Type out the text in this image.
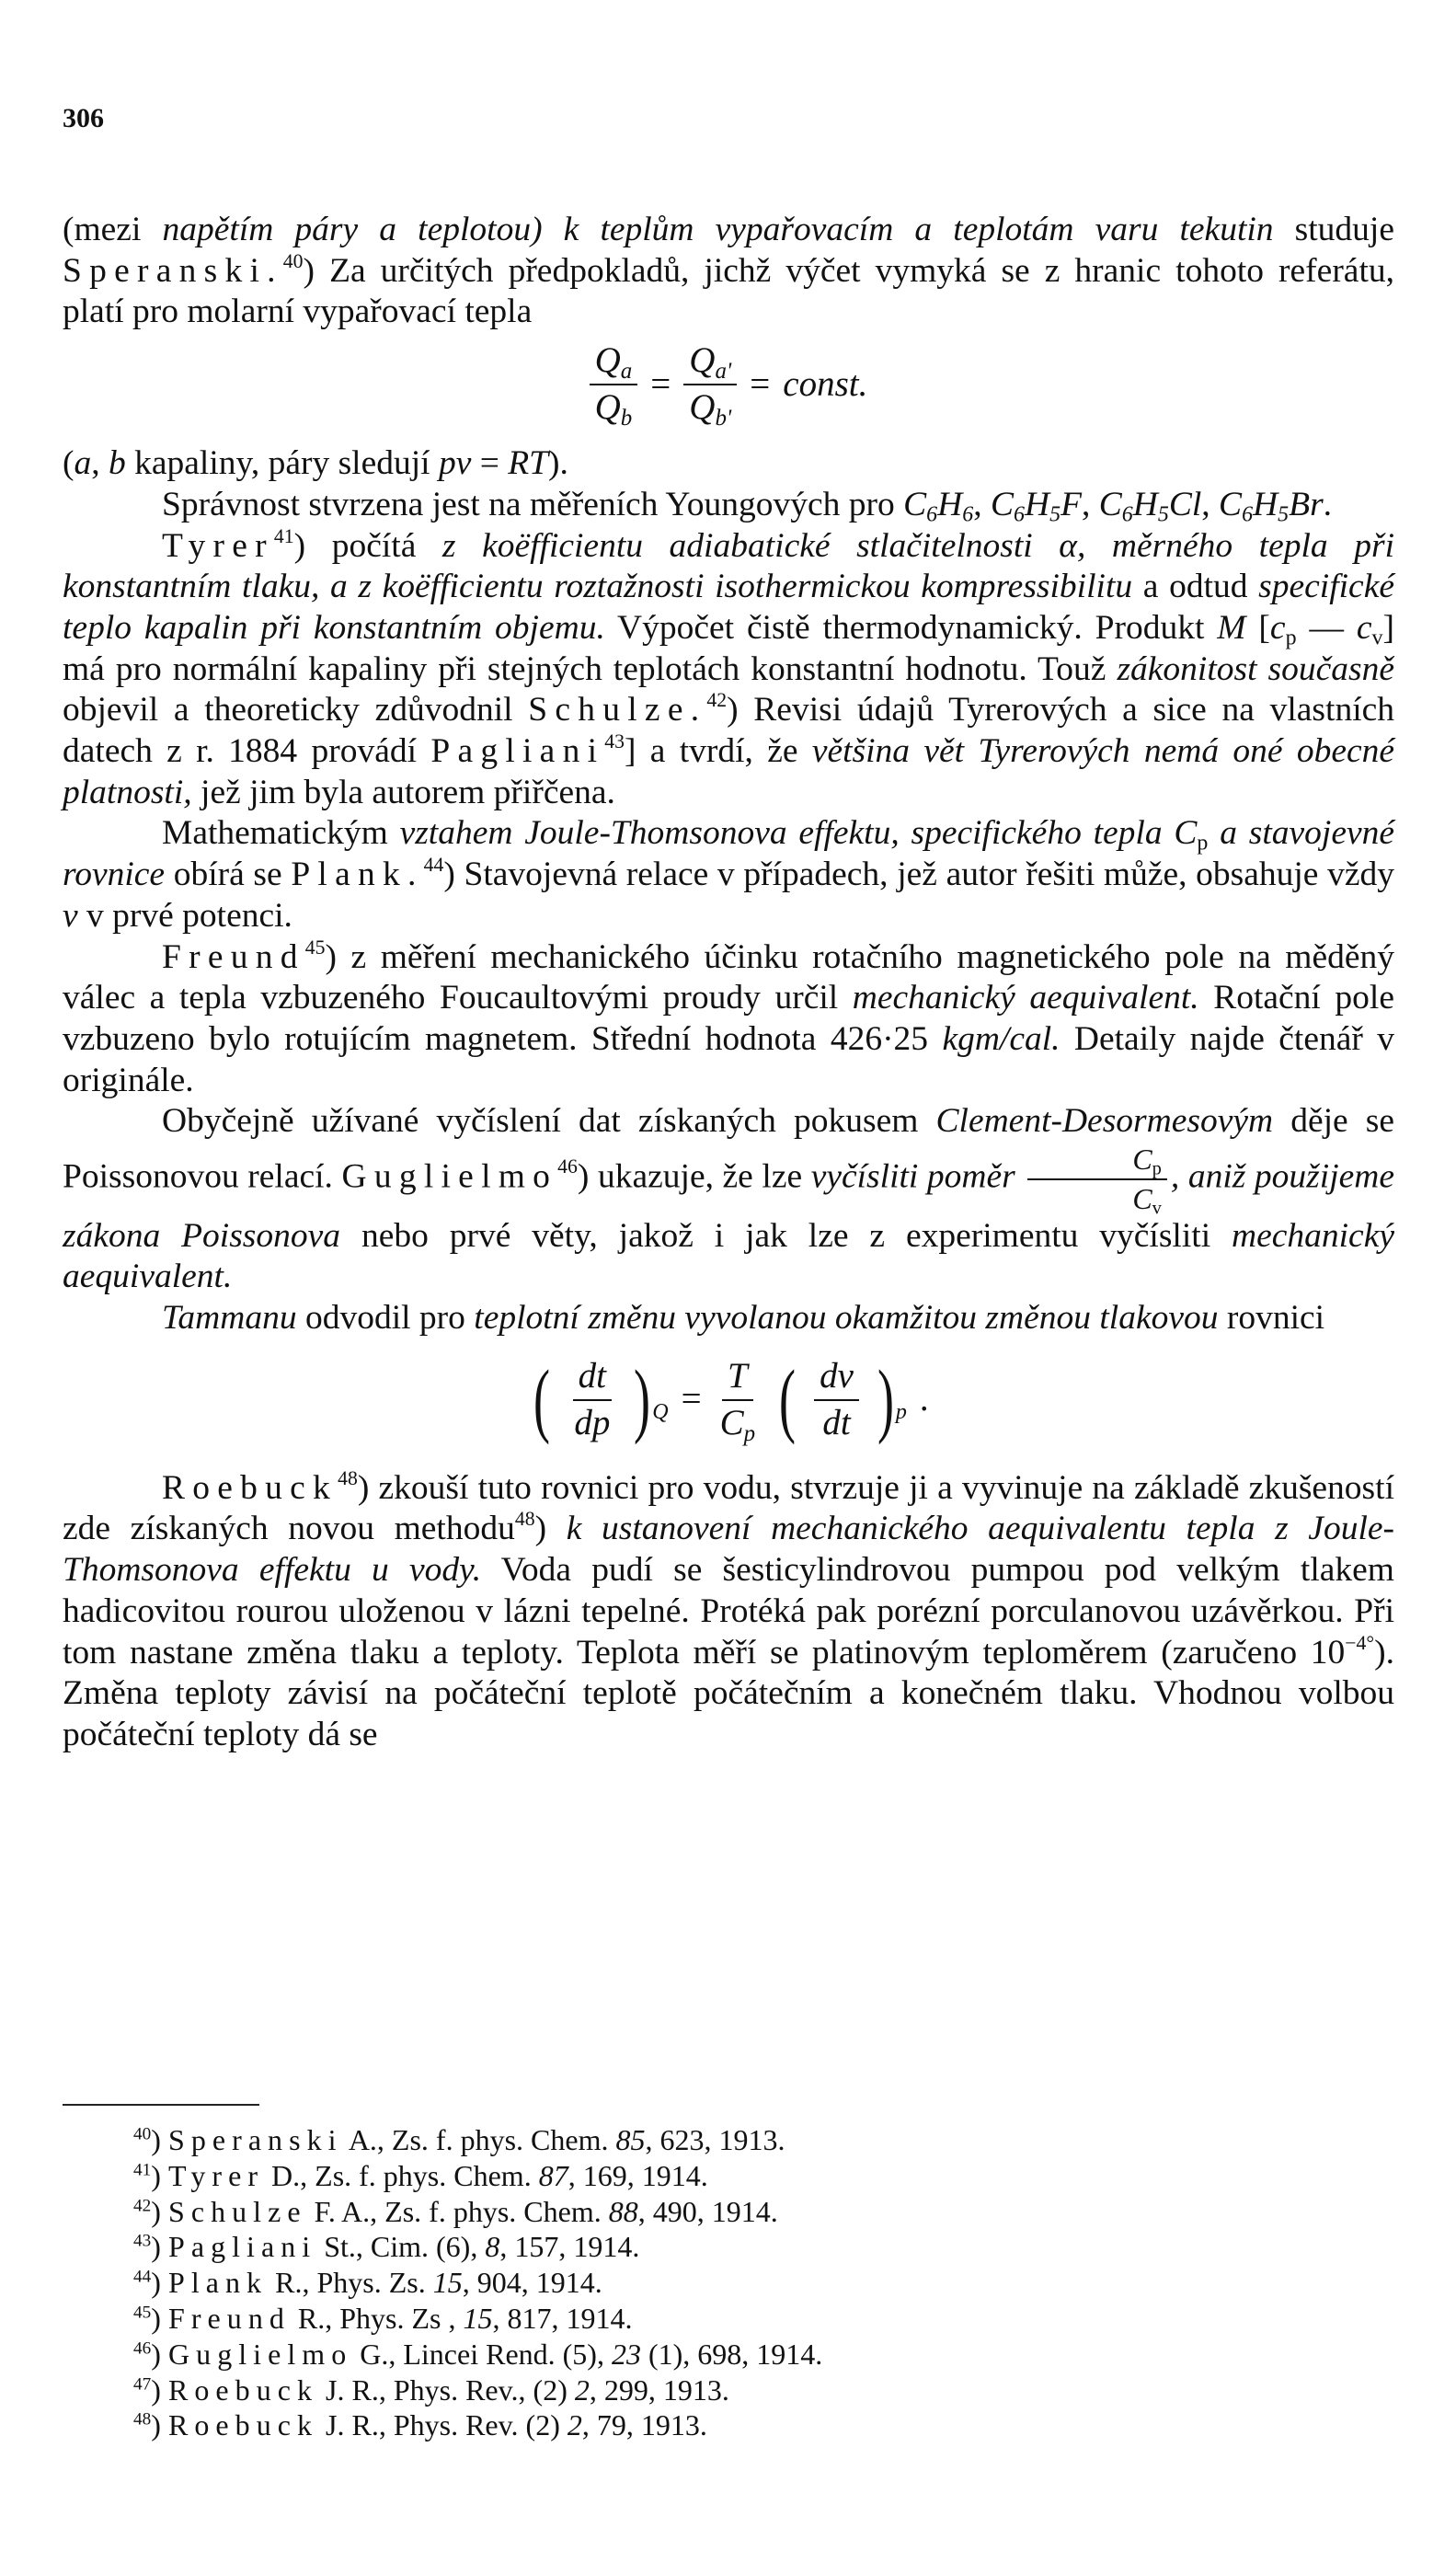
306

(mezi napětím páry a teplotou) k teplům vypařovacím a teplotám varu tekutin studuje Speranski.$^{40}$) Za určitých předpokladů, jichž výčet vymyká se z hranic tohoto referátu, platí pro molarní vypařovací tepla

$\frac{Q_a}{Q_b} = \frac{Q_{a'}}{Q_{b'}}$ = const.

(a, b kapaliny, páry sledují pv = RT).

Správnost stvrzena jest na měřeních Youngových pro $C_6H_6$, $C_6H_5F$, $C_6H_5Cl$, $C_6H_5Br$.

Tyrer$^{41}$) počítá z koëfficientu adiabatické stlačitelnosti α, měrného tepla při konstantním tlaku, a z koëfficientu roztažnosti isothermickou kompressibilitu a odtud specifické teplo kapalin při konstantním objemu. Výpočet čistě thermodynamický. Produkt M [$c_p$ — $c_v$] má pro normální kapaliny při stejných teplotách konstantní hodnotu. Touž zákonitost současně objevil a theoreticky zdůvodnil Schulze.$^{42}$) Revisi údajů Tyrerových a sice na vlastních datech z r. 1884 provádí Pagliani$^{43}$] a tvrdí, že většina vět Tyrerových nemá oné obecné platnosti, jež jim byla autorem přiřčena.

Mathematickým vztahem Joule-Thomsonova effektu, specifického tepla $C_p$ a stavojevné rovnice obírá se Plank.$^{44}$) Stavojevná relace v případech, jež autor řešiti může, obsahuje vždy v v prvé potenci.

Freund$^{45}$) z měření mechanického účinku rotačního magnetického pole na měděný válec a tepla vzbuzeného Foucaultovými proudy určil mechanický aequivalent. Rotační pole vzbuzeno bylo rotujícím magnetem. Střední hodnota 426·25 kgm/cal. Detaily najde čtenář v originále.

Obyčejně užívané vyčíslení dat získaných pokusem Clement-Desormesovým děje se Poissonovou relací. Guglielmo$^{46}$) ukazuje, že lze vyčísliti poměr $\frac{C_p}{C_v}$ , aniž použijeme zákona Poissonova nebo prvé věty, jakož i jak lze z experimentu vyčísliti mechanický aequivalent.

Tammanu odvodil pro teplotní změnu vyvolanou okamžitou změnou tlakovou rovnici

( $\frac{dt}{dp}$ ) $Q = \frac{T}{C_p}$ ( $\frac{dv}{dt}$ ) p .

Roebuck$^{48}$) zkouší tuto rovnici pro vodu, stvrzuje ji a vyvinuje na základě zkušeností zde získaných novou methodu$^{48}$) k ustanovení mechanického aequivalentu tepla z Joule-Thomsonova effektu u vody. Voda pudí se šesticylindrovou pumpou pod velkým tlakem hadicovitou rourou uloženou v lázni tepelné. Protéká pak porézní porculanovou uzávěrkou. Při tom nastane změna tlaku a teploty. Teplota měří se platinovým teploměrem (zaručeno $10^{-4^\circ}$). Změna teploty závisí na počáteční teplotě počátečním a konečném tlaku. Vhodnou volbou počáteční teploty dá se

$^{40}$) Speranski A., Zs. f. phys. Chem. 85, 623, 1913.
$^{41}$) Tyrer D., Zs. f. phys. Chem. 87, 169, 1914.
$^{42}$) Schulze F. A., Zs. f. phys. Chem. 88, 490, 1914.
$^{43}$) Pagliani St., Cim. (6), 8, 157, 1914.
$^{44}$) Plank R., Phys. Zs. 15, 904, 1914.
$^{45}$) Freund R., Phys. Zs , 15, 817, 1914.
$^{46}$) Guglielmo G., Lincei Rend. (5), 23 (1), 698, 1914.
$^{47}$) Roebuck J. R., Phys. Rev., (2) 2, 299, 1913.
$^{48}$) Roebuck J. R., Phys. Rev. (2) 2, 79, 1913.
